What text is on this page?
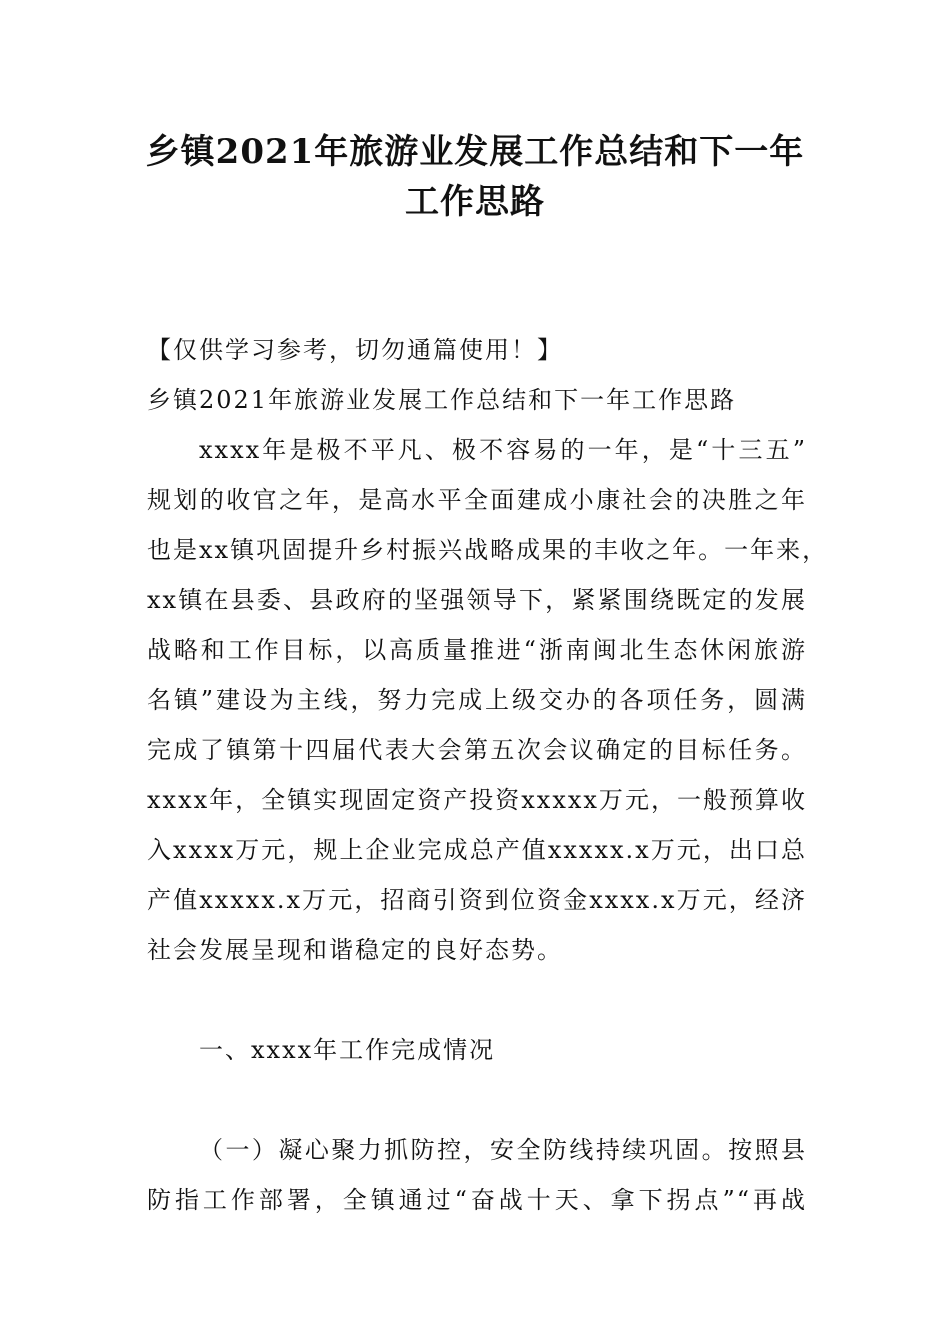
乡镇2021年旅游业发展工作总结和下一年
工作思路
【仅供学习参考，切勿通篇使用！】
乡镇2021年旅游业发展工作总结和下一年工作思路
xxxx年是极不平凡、极不容易的一年，是“十三五”
规划的收官之年，是高水平全面建成小康社会的决胜之年
也是xx镇巩固提升乡村振兴战略成果的丰收之年。一年来，
xx镇在县委、县政府的坚强领导下，紧紧围绕既定的发展
战略和工作目标，以高质量推进“浙南闽北生态休闲旅游
名镇”建设为主线，努力完成上级交办的各项任务，圆满
完成了镇第十四届代表大会第五次会议确定的目标任务。
xxxx年，全镇实现固定资产投资xxxxx万元，一般预算收
入xxxx万元，规上企业完成总产值xxxxx.x万元，出口总
产值xxxxx.x万元，招商引资到位资金xxxx.x万元，经济
社会发展呈现和谐稳定的良好态势。
一、xxxx年工作完成情况
（一）凝心聚力抓防控，安全防线持续巩固。按照县
防指工作部署，全镇通过“奋战十天、拿下拐点”“再战
